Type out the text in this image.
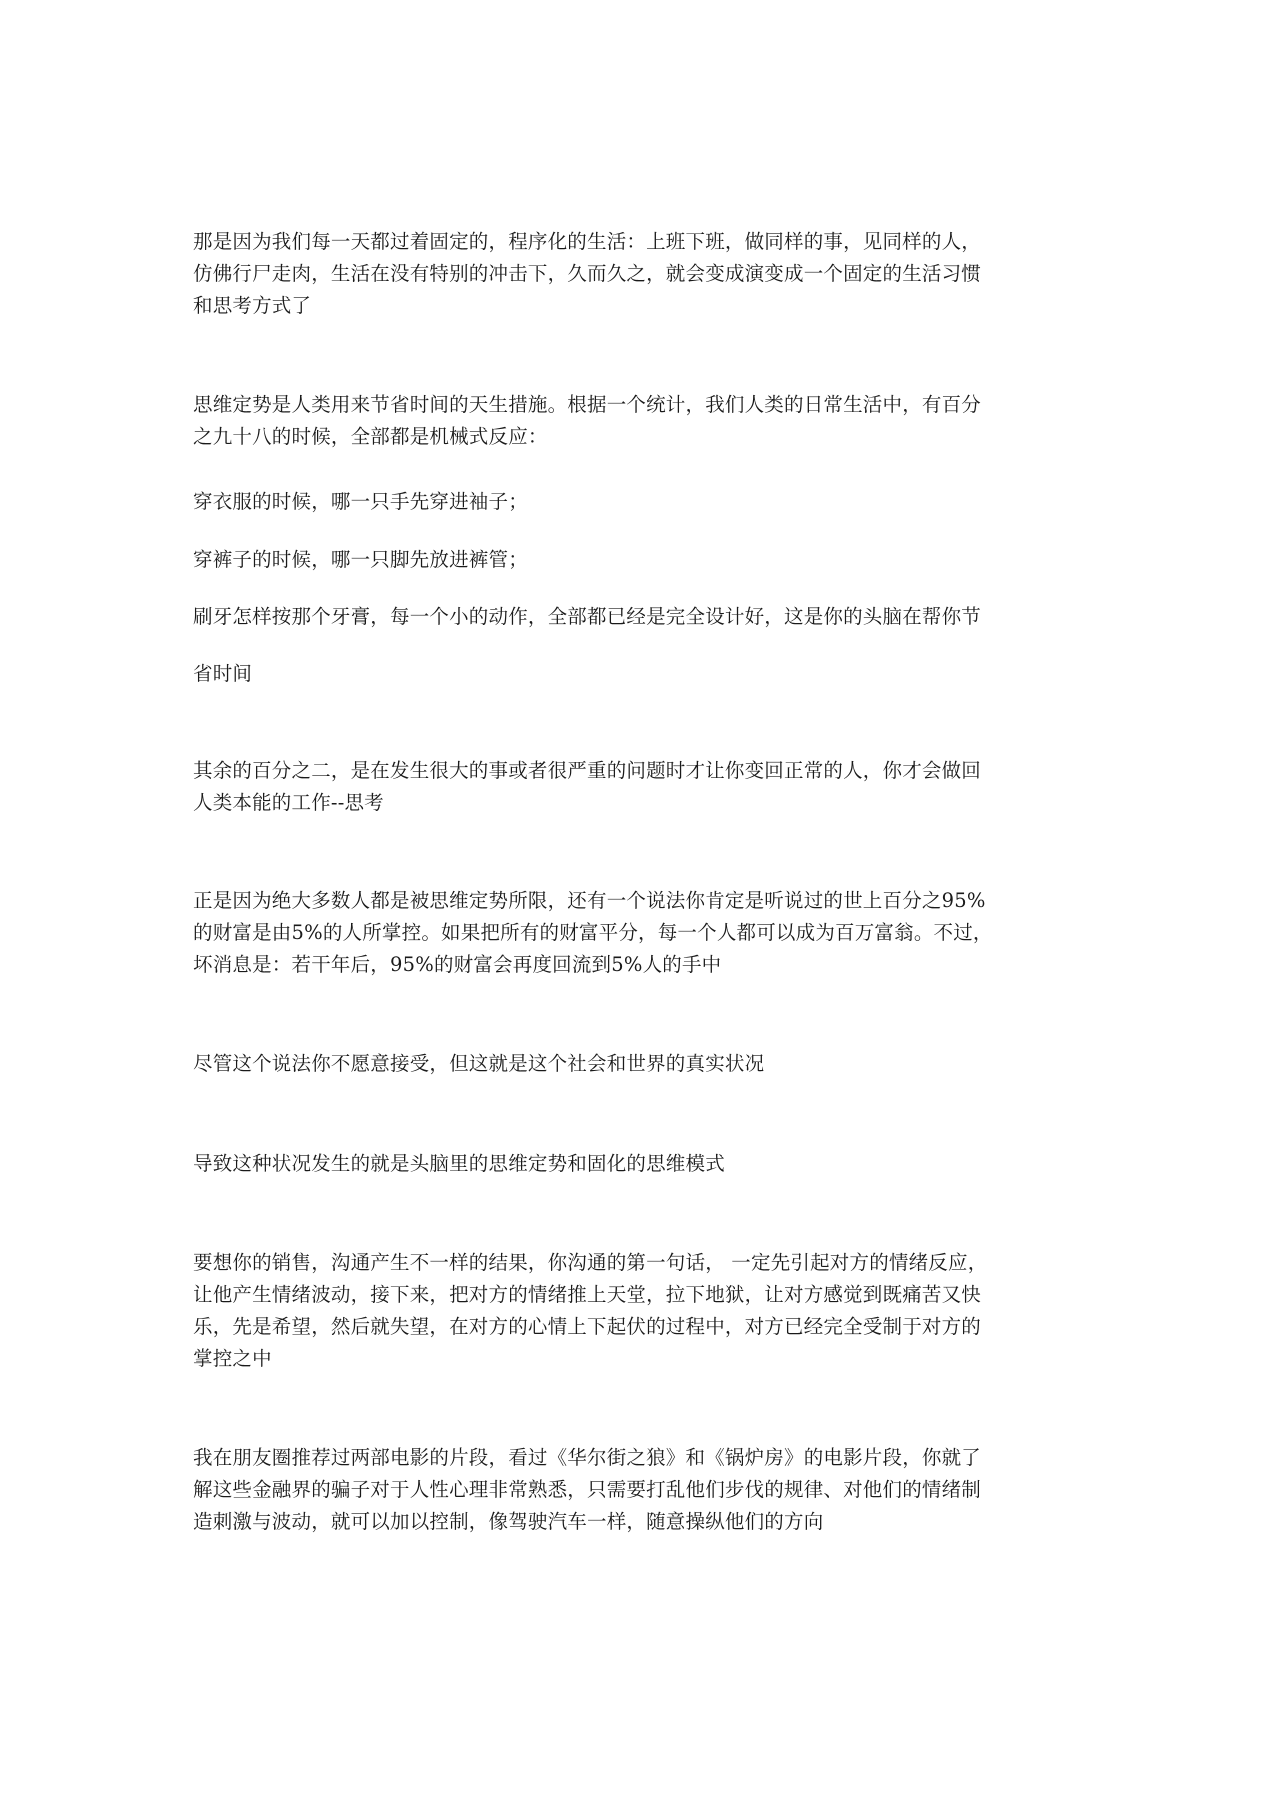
那是因为我们每一天都过着固定的，程序化的生活：上班下班，做同样的事，见同样的人，
仿佛行尸走肉，生活在没有特别的冲击下，久而久之，就会变成演变成一个固定的生活习惯
和思考方式了

思维定势是人类用来节省时间的天生措施。根据一个统计，我们人类的日常生活中，有百分
之九十八的时候，全部都是机械式反应：

穿衣服的时候，哪一只手先穿进袖子；

穿裤子的时候，哪一只脚先放进裤管；

刷牙怎样按那个牙膏，每一个小的动作，全部都已经是完全设计好，这是你的头脑在帮你节

省时间

其余的百分之二，是在发生很大的事或者很严重的问题时才让你变回正常的人，你才会做回
人类本能的工作--思考

正是因为绝大多数人都是被思维定势所限，还有一个说法你肯定是听说过的世上百分之95%
的财富是由5%的人所掌控。如果把所有的财富平分，每一个人都可以成为百万富翁。不过，
坏消息是：若干年后，95%的财富会再度回流到5%人的手中

尽管这个说法你不愿意接受，但这就是这个社会和世界的真实状况

导致这种状况发生的就是头脑里的思维定势和固化的思维模式

要想你的销售，沟通产生不一样的结果，你沟通的第一句话， 一定先引起对方的情绪反应，
让他产生情绪波动，接下来，把对方的情绪推上天堂，拉下地狱，让对方感觉到既痛苦又快
乐，先是希望，然后就失望，在对方的心情上下起伏的过程中，对方已经完全受制于对方的
掌控之中

我在朋友圈推荐过两部电影的片段，看过《华尔街之狼》和《锅炉房》的电影片段，你就了
解这些金融界的骗子对于人性心理非常熟悉，只需要打乱他们步伐的规律、对他们的情绪制
造刺激与波动，就可以加以控制，像驾驶汽车一样，随意操纵他们的方向
